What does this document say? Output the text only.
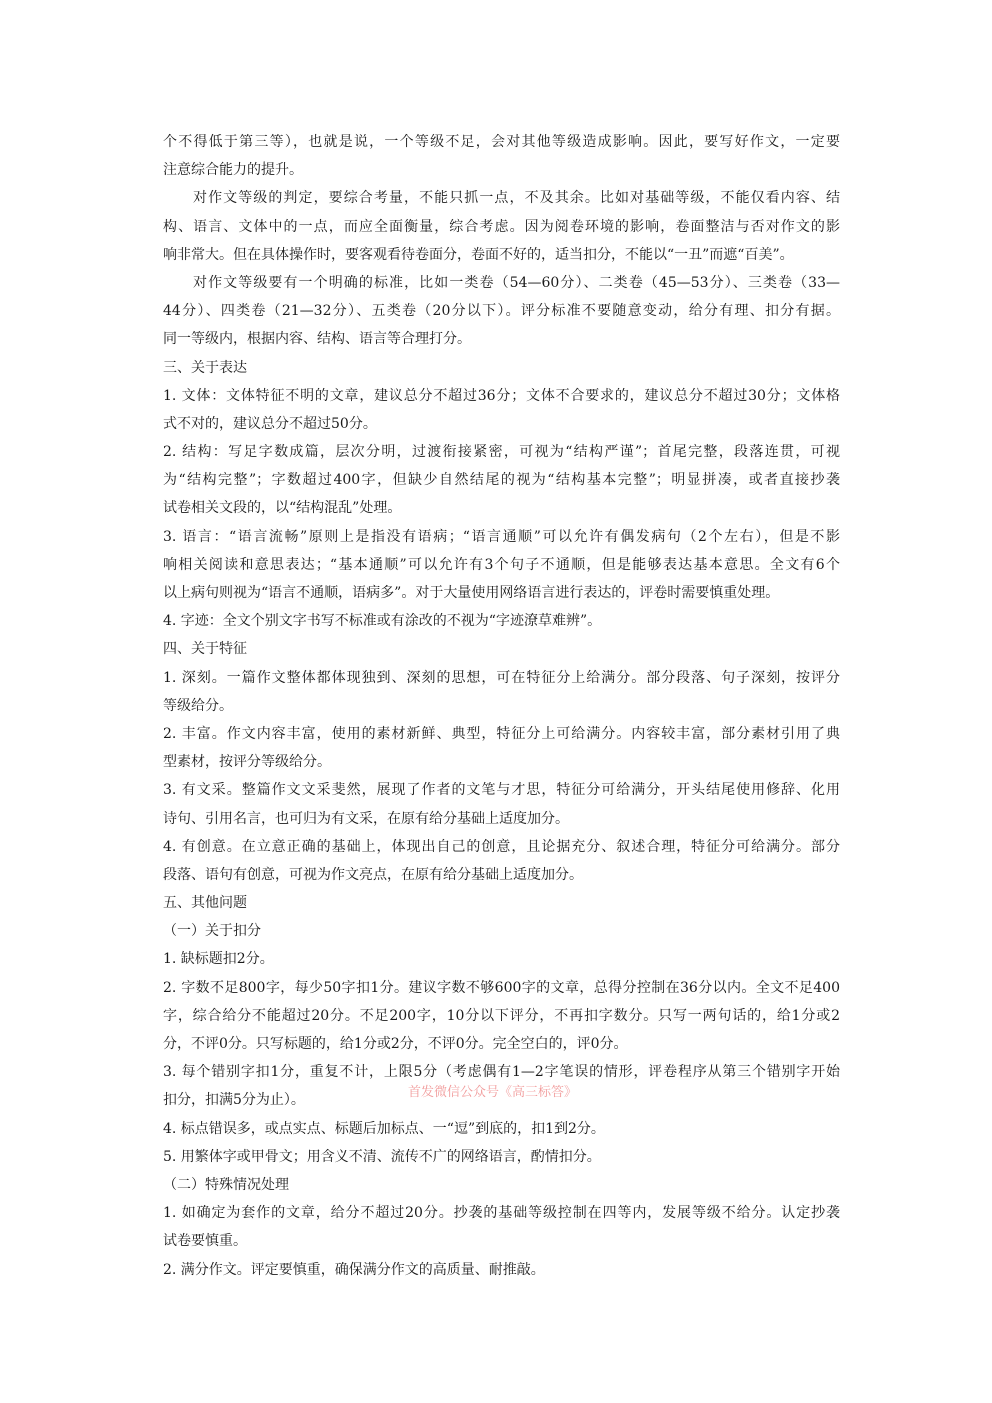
个不得低于第三等），也就是说，一个等级不足，会对其他等级造成影响。因此，要写好作文，一定要
注意综合能力的提升。
对作文等级的判定，要综合考量，不能只抓一点，不及其余。比如对基础等级，不能仅看内容、结
构、语言、文体中的一点，而应全面衡量，综合考虑。因为阅卷环境的影响，卷面整洁与否对作文的影
响非常大。但在具体操作时，要客观看待卷面分，卷面不好的，适当扣分，不能以“一丑”而遮“百美”。
对作文等级要有一个明确的标准，比如一类卷（54—60分）、二类卷（45—53分）、三类卷（33—
44分）、四类卷（21—32分）、五类卷（20分以下）。评分标准不要随意变动，给分有理、扣分有据。
同一等级内，根据内容、结构、语言等合理打分。
三、关于表达
1. 文体：文体特征不明的文章，建议总分不超过36分；文体不合要求的，建议总分不超过30分；文体格
式不对的，建议总分不超过50分。
2. 结构：写足字数成篇，层次分明，过渡衔接紧密，可视为“结构严谨”；首尾完整，段落连贯，可视
为“结构完整”；字数超过400字，但缺少自然结尾的视为“结构基本完整”；明显拼凑，或者直接抄袭
试卷相关文段的，以“结构混乱”处理。
3. 语言：“语言流畅”原则上是指没有语病；“语言通顺”可以允许有偶发病句（2个左右），但是不影
响相关阅读和意思表达；“基本通顺”可以允许有3个句子不通顺，但是能够表达基本意思。全文有6个
以上病句则视为“语言不通顺，语病多”。对于大量使用网络语言进行表达的，评卷时需要慎重处理。
4. 字迹：全文个别文字书写不标准或有涂改的不视为“字迹潦草难辨”。
四、关于特征
1. 深刻。一篇作文整体都体现独到、深刻的思想，可在特征分上给满分。部分段落、句子深刻，按评分
等级给分。
2. 丰富。作文内容丰富，使用的素材新鲜、典型，特征分上可给满分。内容较丰富，部分素材引用了典
型素材，按评分等级给分。
3. 有文采。整篇作文文采斐然，展现了作者的文笔与才思，特征分可给满分，开头结尾使用修辞、化用
诗句、引用名言，也可归为有文采，在原有给分基础上适度加分。
4. 有创意。在立意正确的基础上，体现出自己的创意，且论据充分、叙述合理，特征分可给满分。部分
段落、语句有创意，可视为作文亮点，在原有给分基础上适度加分。
五、其他问题
（一）关于扣分
1. 缺标题扣2分。
2. 字数不足800字，每少50字扣1分。建议字数不够600字的文章，总得分控制在36分以内。全文不足400
字，综合给分不能超过20分。不足200字，10分以下评分，不再扣字数分。只写一两句话的，给1分或2
分，不评0分。只写标题的，给1分或2分，不评0分。完全空白的，评0分。
3. 每个错别字扣1分，重复不计，上限5分（考虑偶有1—2字笔误的情形，评卷程序从第三个错别字开始
扣分，扣满5分为止）。
4. 标点错误多，或点实点、标题后加标点、一“逗”到底的，扣1到2分。
5. 用繁体字或甲骨文；用含义不清、流传不广的网络语言，酌情扣分。
（二）特殊情况处理
1. 如确定为套作的文章，给分不超过20分。抄袭的基础等级控制在四等内，发展等级不给分。认定抄袭
试卷要慎重。
2. 满分作文。评定要慎重，确保满分作文的高质量、耐推敲。
首发微信公众号《高三标答》
